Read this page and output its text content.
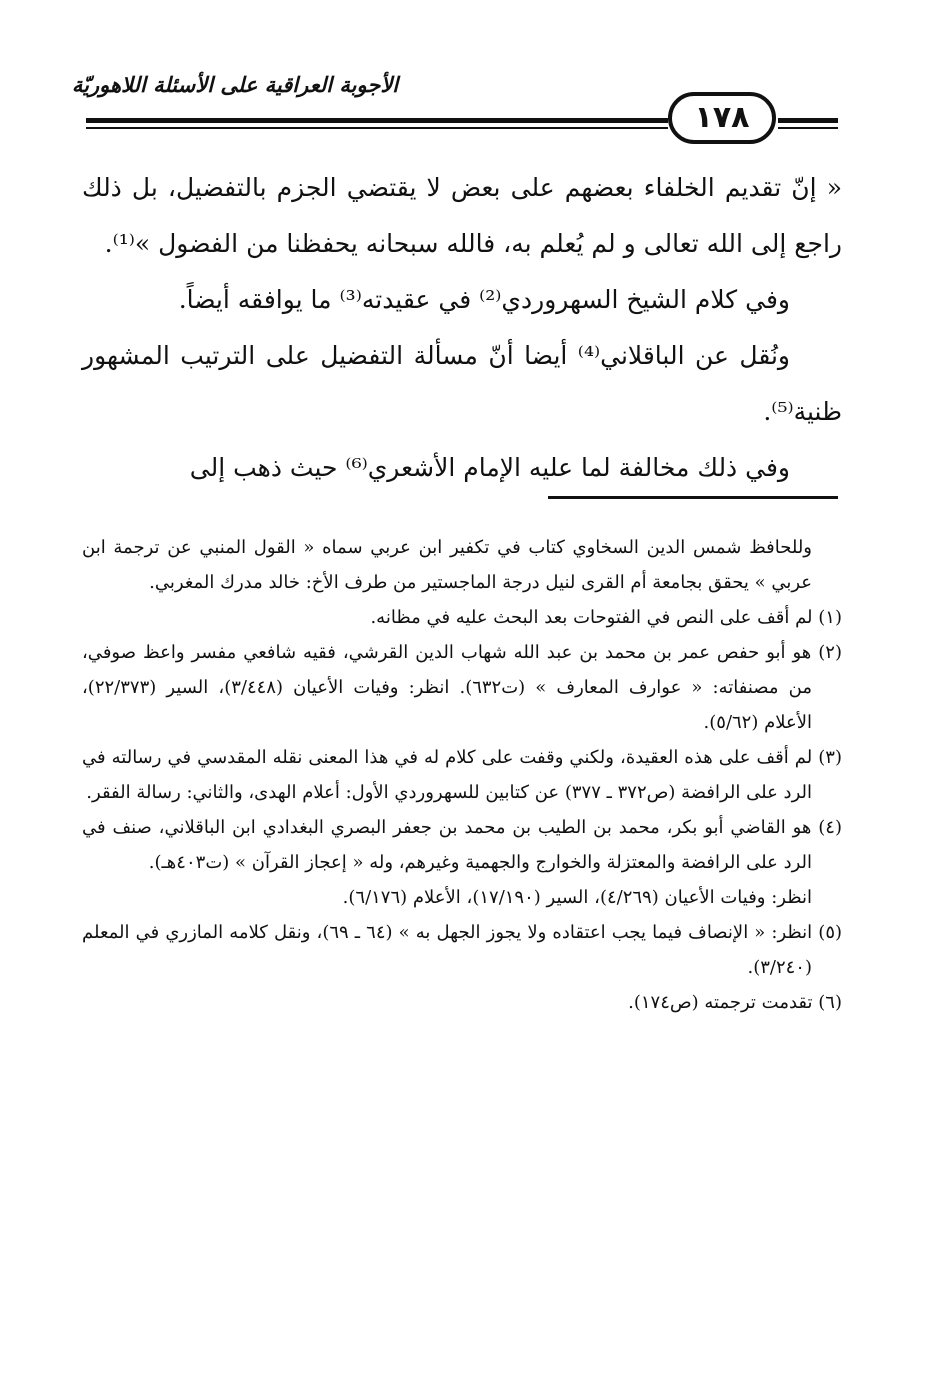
الأجوبة العراقية على الأسئلة اللاهوريّة
١٧٨

« إنّ تقديم الخلفاء بعضهم على بعض لا يقتضي الجزم بالتفضيل، بل ذلك راجع إلى الله تعالى و لم يُعلم به، فالله سبحانه يحفظنا من الفضول »⁽¹⁾.

وفي كلام الشيخ السهروردي⁽²⁾ في عقيدته⁽³⁾ ما يوافقه أيضاً.

ونُقل عن الباقلاني⁽⁴⁾ أيضا أنّ مسألة التفضيل على الترتيب المشهور ظنية⁽⁵⁾.

وفي ذلك مخالفة لما عليه الإمام الأشعري⁽⁶⁾ حيث ذهب إلى

وللحافظ شمس الدين السخاوي كتاب في تكفير ابن عربي سماه « القول المنبي عن ترجمة ابن عربي » يحقق بجامعة أم القرى لنيل درجة الماجستير من طرف الأخ: خالد مدرك المغربي.

(١) لم أقف على النص في الفتوحات بعد البحث عليه في مظانه.

(٢) هو أبو حفص عمر بن محمد بن عبد الله شهاب الدين القرشي، فقيه شافعي مفسر واعظ صوفي، من مصنفاته: « عوارف المعارف » (ت٦٣٢). انظر: وفيات الأعيان (٣/٤٤٨)، السير (٢٢/٣٧٣)، الأعلام (٥/٦٢).

(٣) لم أقف على هذه العقيدة، ولكني وقفت على كلام له في هذا المعنى نقله المقدسي في رسالته في الرد على الرافضة (ص٣٧٢ ـ ٣٧٧) عن كتابين للسهروردي الأول: أعلام الهدى، والثاني: رسالة الفقر.

(٤) هو القاضي أبو بكر، محمد بن الطيب بن محمد بن جعفر البصري البغدادي ابن الباقلاني، صنف في الرد على الرافضة والمعتزلة والخوارج والجهمية وغيرهم، وله « إعجاز القرآن » (ت٤٠٣هـ).

انظر: وفيات الأعيان (٤/٢٦٩)، السير (١٧/١٩٠)، الأعلام (٦/١٧٦).

(٥) انظر: « الإنصاف فيما يجب اعتقاده ولا يجوز الجهل به » (٦٤ ـ ٦٩)، ونقل كلامه المازري في المعلم (٣/٢٤٠).

(٦) تقدمت ترجمته (ص١٧٤).
